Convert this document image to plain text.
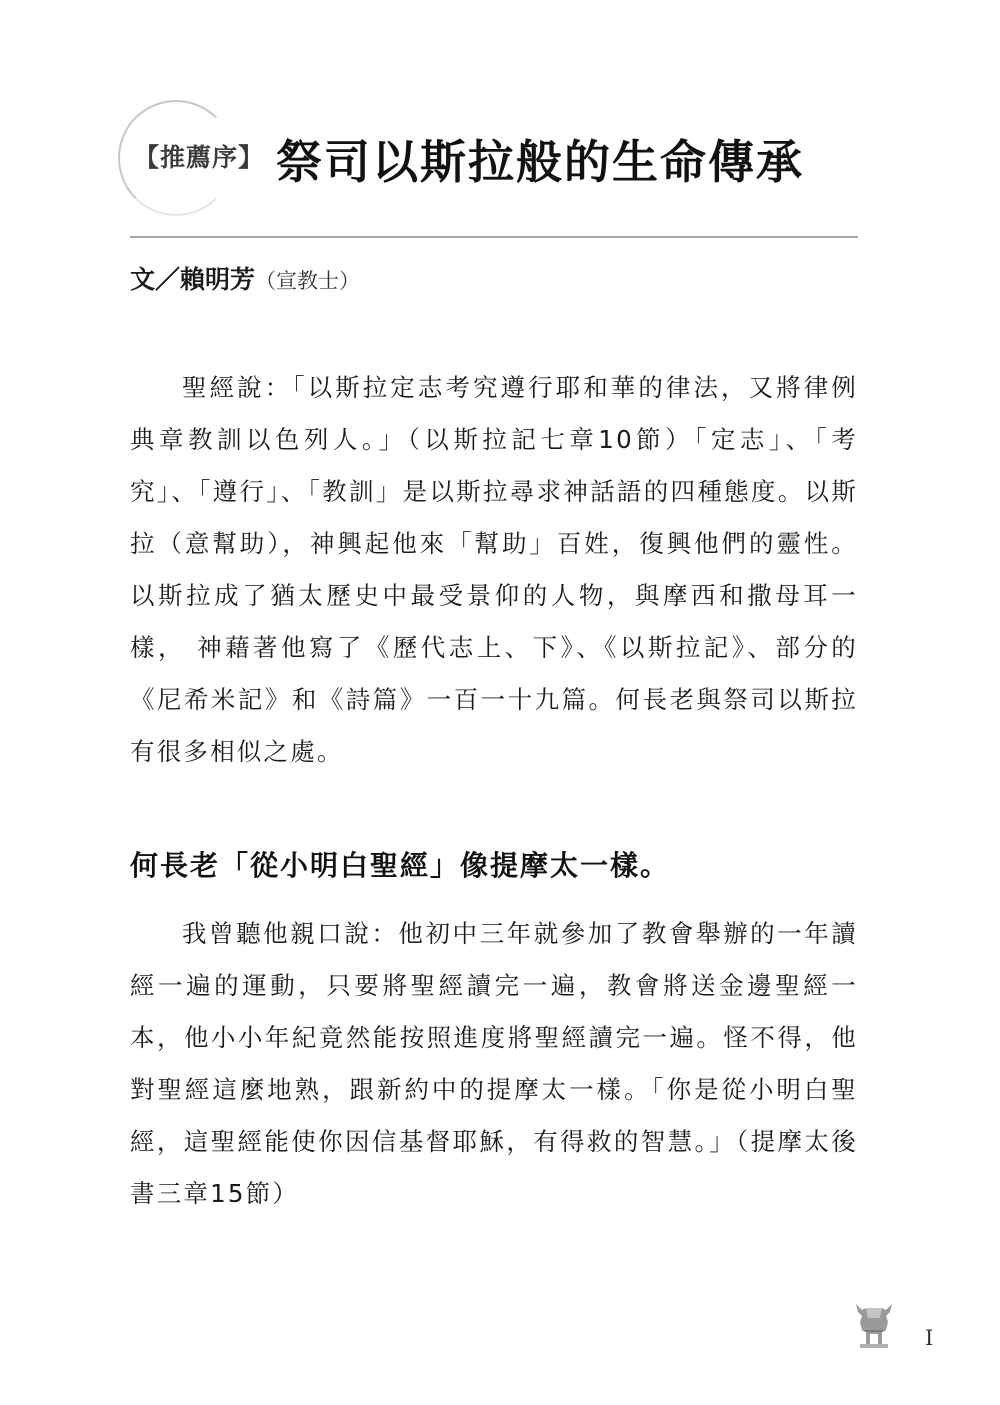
【推薦序】 祭司以斯拉般的生命傳承
文／賴明芳（宣教士）

聖經說：「以斯拉定志考究遵行耶和華的律法，又將律例典章教訓以色列人。」（以斯拉記七章10節）「定志」、「考究」、「遵行」、「教訓」是以斯拉尋求神話語的四種態度。以斯拉（意幫助），神興起他來「幫助」百姓，復興他們的靈性。以斯拉成了猶太歷史中最受景仰的人物，與摩西和撒母耳一樣， 神藉著他寫了《歷代志上、下》、《以斯拉記》、部分的《尼希米記》和《詩篇》一百一十九篇。何長老與祭司以斯拉有很多相似之處。

何長老「從小明白聖經」像提摩太一樣。

我曾聽他親口說：他初中三年就參加了教會舉辦的一年讀經一遍的運動，只要將聖經讀完一遍，教會將送金邊聖經一本，他小小年紀竟然能按照進度將聖經讀完一遍。怪不得，他對聖經這麼地熟，跟新約中的提摩太一樣。「你是從小明白聖經，這聖經能使你因信基督耶穌，有得救的智慧。」（提摩太後書三章15節）

I
